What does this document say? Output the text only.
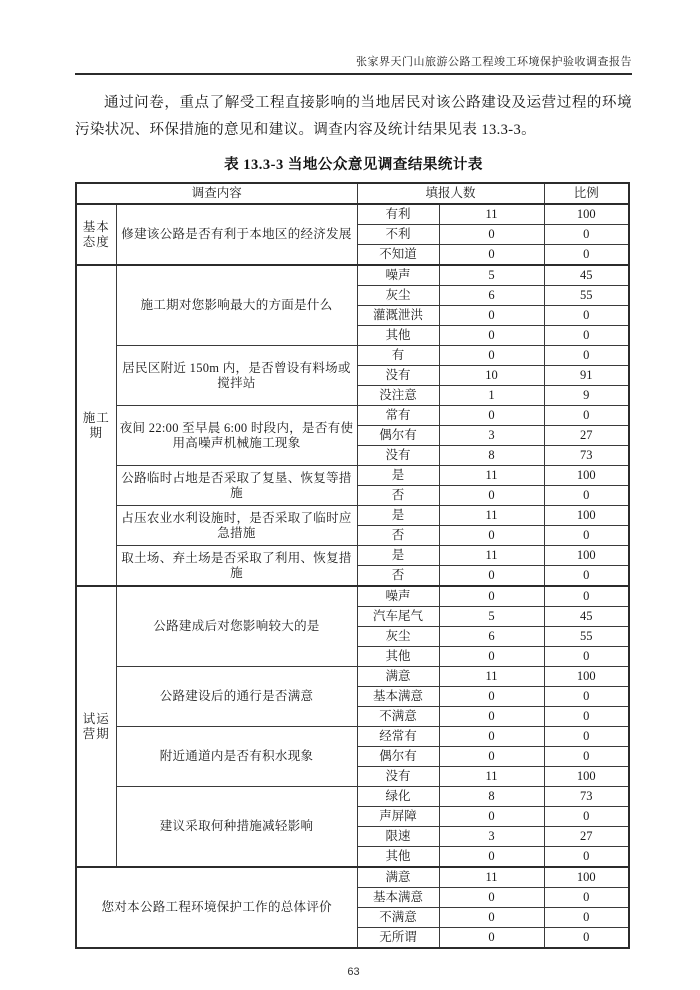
张家界天门山旅游公路工程竣工环境保护验收调查报告

通过问卷，重点了解受工程直接影响的当地居民对该公路建设及运营过程的环境污染状况、环保措施的意见和建议。调查内容及统计结果见表 13.3-3。

表 13.3-3 当地公众意见调查结果统计表
调查内容		填报人数		比例

基本态度	修建该公路是否有利于本地区的经济发展	有利	11	100
		不利	0	0
		不知道	0	0
施工期	施工期对您影响最大的方面是什么	噪声	5	45
		灰尘	6	55
		灌溉泄洪	0	0
		其他	0	0
	居民区附近 150m 内，是否曾设有料场或搅拌站	有	0	0
		没有	10	91
		没注意	1	9
	夜间 22:00 至早晨 6:00 时段内，是否有使用高噪声机械施工现象	常有	0	0
		偶尔有	3	27
		没有	8	73
	公路临时占地是否采取了复垦、恢复等措施	是	11	100
		否	0	0
	占压农业水利设施时，是否采取了临时应急措施	是	11	100
		否	0	0
	取土场、弃土场是否采取了利用、恢复措施	是	11	100
		否	0	0
试运营期	公路建成后对您影响较大的是	噪声	0	0
		汽车尾气	5	45
		灰尘	6	55
		其他	0	0
	公路建设后的通行是否满意	满意	11	100
		基本满意	0	0
		不满意	0	0
	附近通道内是否有积水现象	经常有	0	0
		偶尔有	0	0
		没有	11	100
	建议采取何种措施减轻影响	绿化	8	73
		声屏障	0	0
		限速	3	27
		其他	0	0
您对本公路工程环境保护工作的总体评价		满意	11	100
		基本满意	0	0
		不满意	0	0
		无所谓	0	0
63
